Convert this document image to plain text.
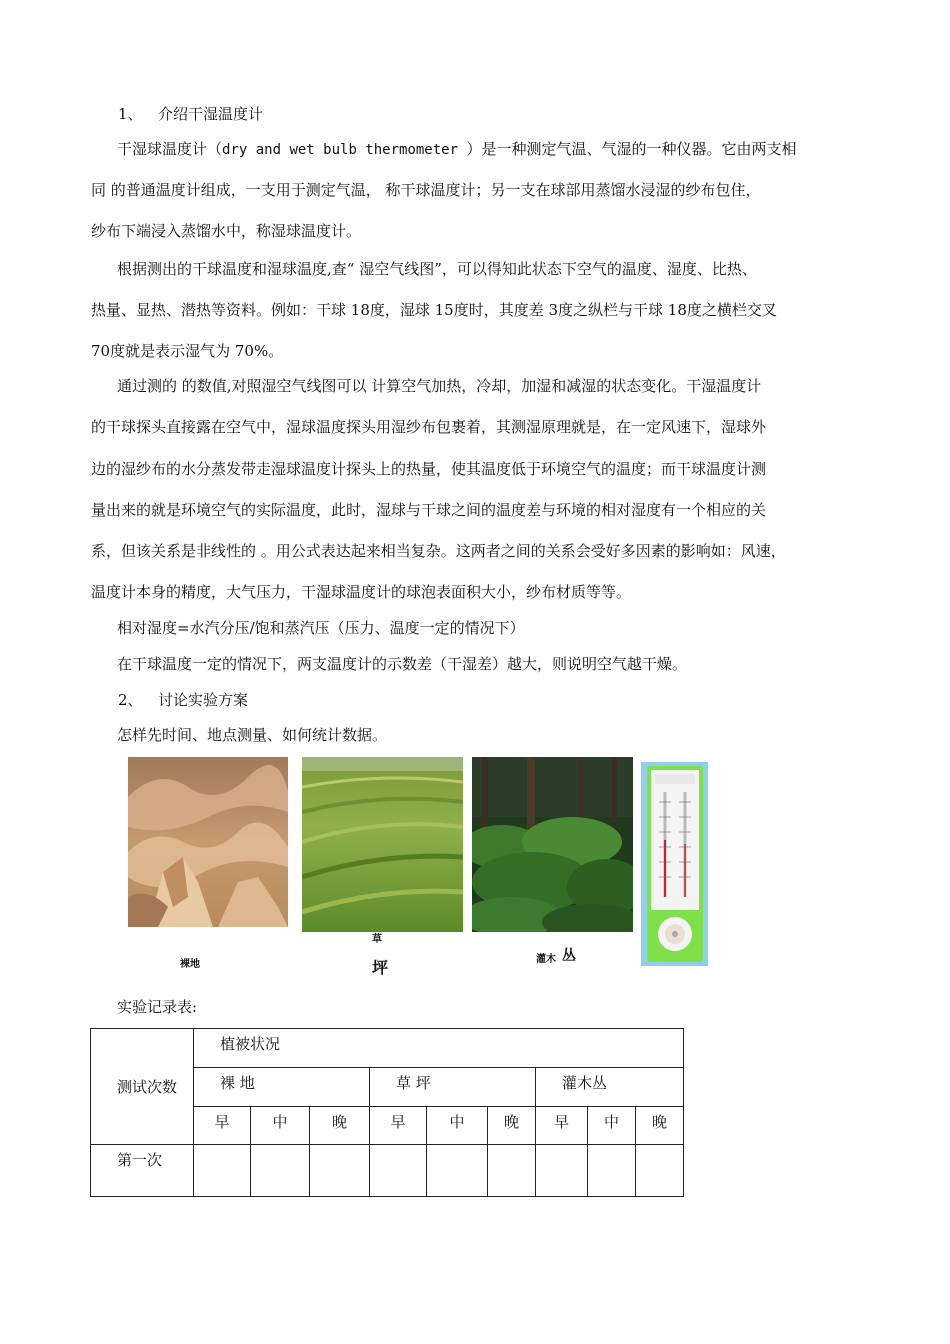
1、 介绍干湿温度计
干湿球温度计（dry and wet bulb thermometer ）是一种测定气温、气湿的一种仪器。它由两支相
同 的普通温度计组成，一支用于测定气温， 称干球温度计；另一支在球部用蒸馏水浸湿的纱布包住，
纱布下端浸入蒸馏水中，称湿球温度计。
根据测出的干球温度和湿球温度,查“ 湿空气线图”，可以得知此状态下空气的温度、湿度、比热、
热量、显热、潜热等资料。例如：干球 18度，湿球 15度时，其度差 3度之纵栏与干球 18度之横栏交叉
70度就是表示湿气为 70%。
通过测的 的数值,对照湿空气线图可以 计算空气加热，冷却，加湿和减湿的状态变化。干湿温度计
的干球探头直接露在空气中，湿球温度探头用湿纱布包裹着，其测湿原理就是，在一定风速下，湿球外
边的湿纱布的水分蒸发带走湿球温度计探头上的热量，使其温度低于环境空气的温度；而干球温度计测
量出来的就是环境空气的实际温度，此时，湿球与干球之间的温度差与环境的相对湿度有一个相应的关
系，但该关系是非线性的 。用公式表达起来相当复杂。这两者之间的关系会受好多因素的影响如：风速，
温度计本身的精度，大气压力，干湿球温度计的球泡表面积大小，纱布材质等等。
相对湿度=水汽分压/饱和蒸汽压（压力、温度一定的情况下）
在干球温度一定的情况下，两支温度计的示数差（干湿差）越大，则说明空气越干燥。
2、 讨论实验方案
怎样先时间、地点测量、如何统计数据。
裸地
草
坪	灌木 丛
实验记录表:
测试次数	植被状况								
	裸 地			草 坪			灌木丛		
	早	中	晚	早	中	晚	早	中	晚
第一次									
